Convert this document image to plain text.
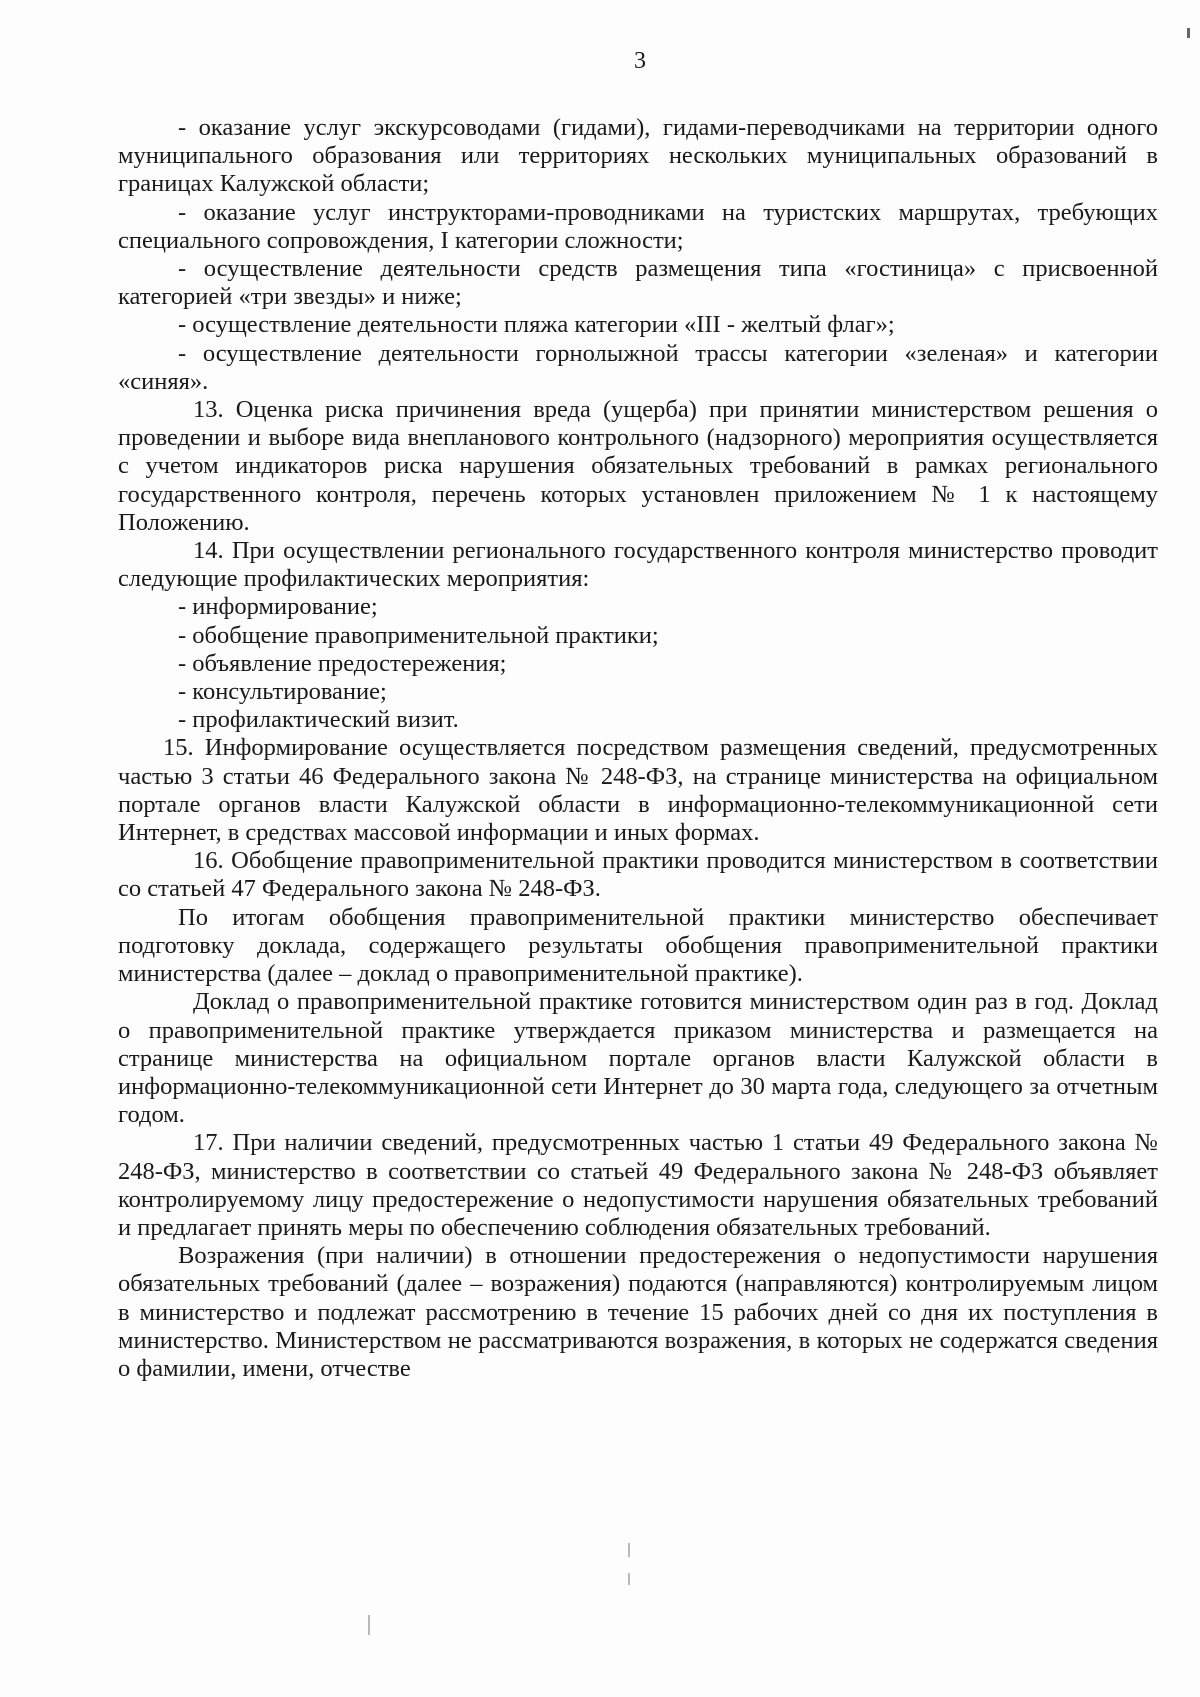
3

- оказание услуг экскурсоводами (гидами), гидами-переводчиками на территории одного муниципального образования или территориях нескольких муниципальных образований в границах Калужской области;

- оказание услуг инструкторами-проводниками на туристских маршрутах, требующих специального сопровождения, I категории сложности;

- осуществление деятельности средств размещения типа «гостиница» с присвоенной категорией «три звезды» и ниже;

- осуществление деятельности пляжа категории «III - желтый флаг»;

- осуществление деятельности горнолыжной трассы категории «зеленая» и категории «синяя».

13. Оценка риска причинения вреда (ущерба) при принятии министерством решения о проведении и выборе вида внепланового контрольного (надзорного) мероприятия осуществляется с учетом индикаторов риска нарушения обязательных требований в рамках регионального государственного контроля, перечень которых установлен приложением № 1 к настоящему Положению.

14. При осуществлении регионального государственного контроля министерство проводит следующие профилактических мероприятия:

- информирование;

- обобщение правоприменительной практики;

- объявление предостережения;

- консультирование;

- профилактический визит.

15. Информирование осуществляется посредством размещения сведений, предусмотренных частью 3 статьи 46 Федерального закона № 248-ФЗ, на странице министерства на официальном портале органов власти Калужской области в информационно-телекоммуникационной сети Интернет, в средствах массовой информации и иных формах.

16. Обобщение правоприменительной практики проводится министерством в соответствии со статьей 47 Федерального закона № 248-ФЗ.

По итогам обобщения правоприменительной практики министерство обеспечивает подготовку доклада, содержащего результаты обобщения правоприменительной практики министерства (далее – доклад о правоприменительной практике).

Доклад о правоприменительной практике готовится министерством один раз в год. Доклад о правоприменительной практике утверждается приказом министерства и размещается на странице министерства на официальном портале органов власти Калужской области в информационно-телекоммуникационной сети Интернет до 30 марта года, следующего за отчетным годом.

17. При наличии сведений, предусмотренных частью 1 статьи 49 Федерального закона № 248-ФЗ, министерство в соответствии со статьей 49 Федерального закона № 248-ФЗ объявляет контролируемому лицу предостережение о недопустимости нарушения обязательных требований и предлагает принять меры по обеспечению соблюдения обязательных требований.

Возражения (при наличии) в отношении предостережения о недопустимости нарушения обязательных требований (далее – возражения) подаются (направляются) контролируемым лицом в министерство и подлежат рассмотрению в течение 15 рабочих дней со дня их поступления в министерство. Министерством не рассматриваются возражения, в которых не содержатся сведения о фамилии, имени, отчестве
